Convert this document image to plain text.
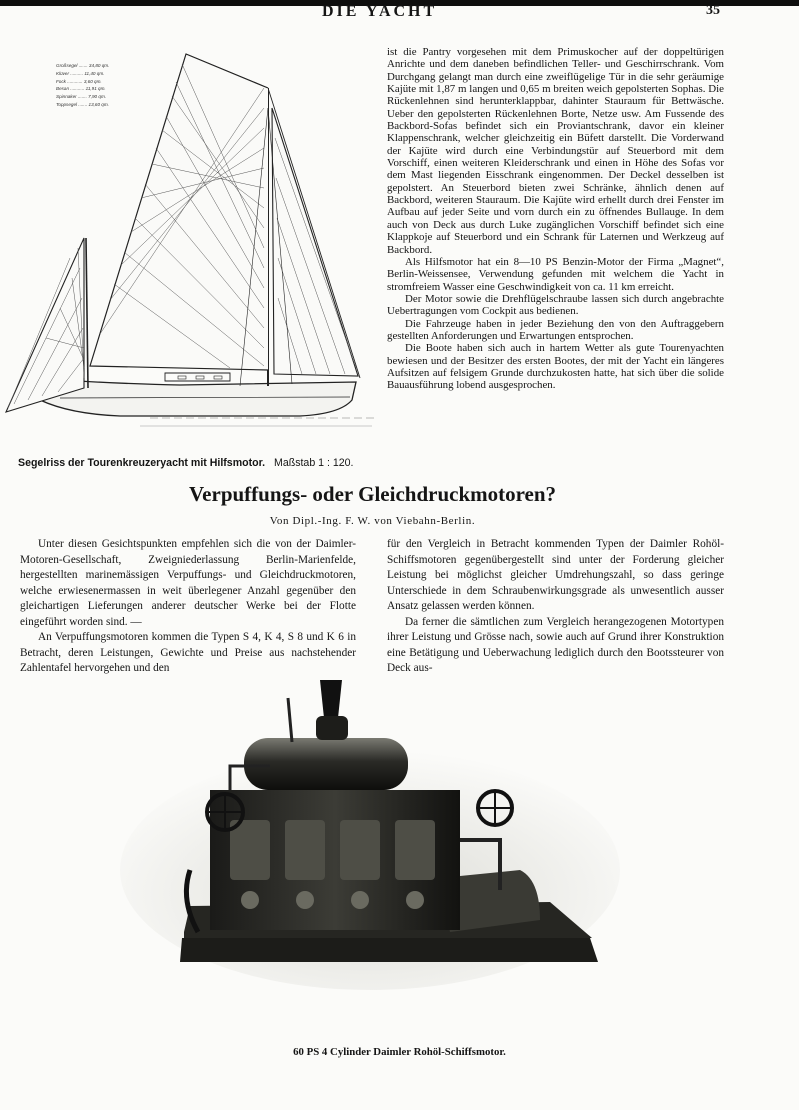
DIE YACHT	35

ist die Pantry vorgesehen mit dem Primuskocher auf der doppeltürigen Anrichte und dem daneben befindlichen Teller- und Geschirrschrank. Vom Durchgang gelangt man durch eine zweiflügelige Tür in die sehr geräumige Kajüte mit 1,87 m langen und 0,65 m breiten weich gepolsterten Sophas. Die Rückenlehnen sind herunterklappbar, dahinter Stauraum für Bettwäsche. Ueber den gepolsterten Rückenlehnen Borte, Netze usw. Am Fussende des Backbord-Sofas befindet sich ein Proviantschrank, davor ein kleiner Klappenschrank, welcher gleichzeitig ein Büfett darstellt. Die Vorderwand der Kajüte wird durch eine Verbindungstür auf Steuerbord mit dem Vorschiff, einen weiteren Kleiderschrank und einen in Höhe des Sofas vor dem Mast liegenden Eisschrank eingenommen. Der Deckel desselben ist gepolstert. An Steuerbord bieten zwei Schränke, ähnlich denen auf Backbord, weiteren Stauraum. Die Kajüte wird erhellt durch drei Fenster im Aufbau auf jeder Seite und vorn durch ein zu öffnendes Bullauge. In dem auch von Deck aus durch Luke zugänglichen Vorschiff befindet sich eine Klappkoje auf Steuerbord und ein Schrank für Laternen und Werkzeug auf Backbord.

Als Hilfsmotor hat ein 8—10 PS Benzin-Motor der Firma „Magnet“, Berlin-Weissensee, Verwendung gefunden mit welchem die Yacht in stromfreiem Wasser eine Geschwindigkeit von ca. 11 km erreicht.

Der Motor sowie die Drehflügelschraube lassen sich durch angebrachte Uebertragungen vom Cockpit aus bedienen.

Die Fahrzeuge haben in jeder Beziehung den von den Auftraggebern gestellten Anforderungen und Erwartungen entsprochen.

Die Boote haben sich auch in hartem Wetter als gute Tourenyachten bewiesen und der Besitzer des ersten Bootes, der mit der Yacht ein längeres Aufsitzen auf felsigem Grunde durchzukosten hatte, hat sich über die solide Bauausführung lobend ausgesprochen.

Großsegel ....... 34,80 qm.
Klüver .......... 11,40 qm.
Fock ............ 3,60 qm.
Besan ........... 11,91 qm.
Spinnaker ....... 7,90 qm.
Toppsegel ....... 13,60 qm.
Segelriss der Tourenkreuzeryacht mit Hilfsmotor. Maßstab 1 : 120.
Verpuffungs- oder Gleichdruckmotoren?
Von Dipl.-Ing. F. W. von Viebahn-Berlin.

Unter diesen Gesichtspunkten empfehlen sich die von der Daimler-Motoren-Gesellschaft, Zweigniederlassung Berlin-Marienfelde, hergestellten marinemässigen Verpuffungs- und Gleichdruckmotoren, welche erwiesenermassen in weit überlegener Anzahl gegenüber den gleichartigen Lieferungen anderer deutscher Werke bei der Flotte eingeführt worden sind. —

An Verpuffungsmotoren kommen die Typen S 4, K 4, S 8 und K 6 in Betracht, deren Leistungen, Gewichte und Preise aus nachstehender Zahlentafel hervorgehen und den

für den Vergleich in Betracht kommenden Typen der Daimler Rohöl-Schiffsmotoren gegenübergestellt sind unter der Forderung gleicher Leistung bei möglichst gleicher Umdrehungszahl, so dass geringe Unterschiede in dem Schraubenwirkungsgrade als unwesentlich ausser Ansatz gelassen werden können.

Da ferner die sämtlichen zum Vergleich herangezogenen Motortypen ihrer Leistung und Grösse nach, sowie auch auf Grund ihrer Konstruktion eine Betätigung und Ueberwachung lediglich durch den Bootssteurer von Deck aus-

60 PS 4 Cylinder Daimler Rohöl-Schiffsmotor.
